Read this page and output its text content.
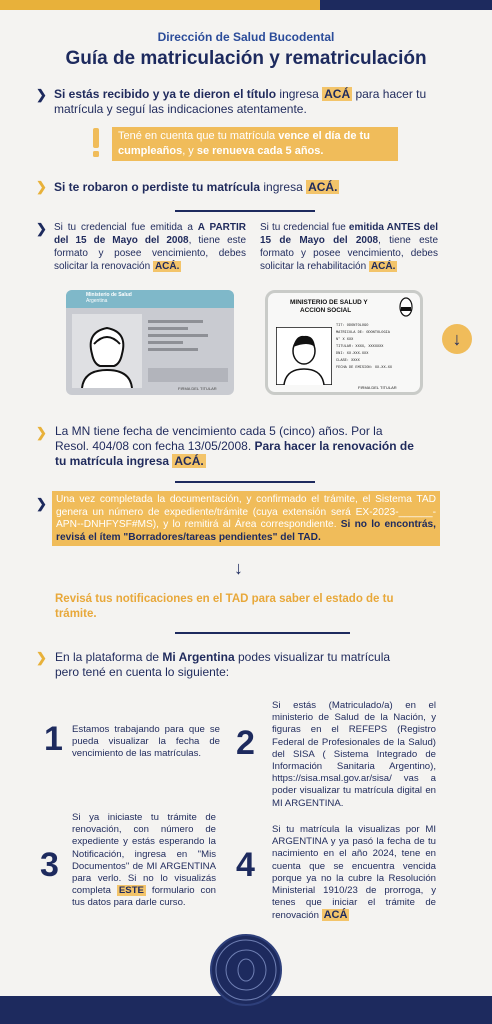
Dirección de Salud Bucodental
Guía de matriculación y rematriculación
❯ Si estás recibido y ya te dieron el título ingresa ACÁ para hacer tu
matrícula y seguí las indicaciones atentamente.
Tené en cuenta que tu matrícula vence el día de tu cumpleaños, y se renueva cada 5 años.
❯ Si te robaron o perdiste tu matrícula ingresa ACÁ.
❯ Si tu credencial fue emitida a A PARTIR del 15 de Mayo del 2008, tiene este formato y posee vencimiento, debes solicitar la renovación ACÁ.
Si tu credencial fue emitida ANTES del 15 de Mayo del 2008, tiene este formato y posee vencimiento, debes solicitar la rehabilitación ACÁ.
Ministerio de Salud
Argentina
FIRMA DEL TITULAR
MINISTERIO DE SALUD Y
ACCION SOCIAL
TIT: ODONTOLOGO
MATRICULA DE: ODONTOLOGIA
N° X XXX
TITULAR: XXXX, XXXXXXX
DNI: XX.XXX.XXX
CLASE: XXXX
FECHA DE EMISION: XX-XX-XX
FIRMA DEL TITULAR
↓
❯ La MN tiene fecha de vencimiento cada 5 (cinco) años. Por la
Resol. 404/08 con fecha 13/05/2008. Para hacer la renovación de
tu matrícula ingresa ACÁ.
❯ Una vez completada la documentación, y confirmado el trámite, el Sistema TAD genera un número de expediente/trámite (cuya extensión será EX-2023-______-APN--DNHFYSF#MS), y lo remitirá al Área correspondiente. Si no lo encontrás, revisá el ítem "Borradores/tareas pendientes" del TAD.
↓
Revisá tus notificaciones en el TAD para saber el estado de tu
trámite.
❯ En la plataforma de Mi Argentina podes visualizar tu matrícula
pero tené en cuenta lo siguiente:
1 Estamos trabajando para que se pueda visualizar la fecha de vencimiento de las matrículas.	2
Si estás (Matriculado/a) en el ministerio de Salud de la Nación, y figuras en el REFEPS (Registro Federal de Profesionales de la Salud) del SISA ( Sistema Integrado de Información Sanitaria Argentino), https://sisa.msal.gov.ar/sisa/ vas a poder visualizar tu matrícula digital en MI ARGENTINA.
3
Si ya iniciaste tu trámite de renovación, con número de expediente y estás esperando la Notificación, ingresa en "Mis Documentos" de MI ARGENTINA para verlo. Si no lo visualizás completa ESTE formulario con tus datos para darle curso.
4
Si tu matrícula la visualizas por MI ARGENTINA y ya pasó la fecha de tu nacimiento en el año 2024, tene en cuenta que se encuentra vencida porque ya no la cubre la Resolución Ministerial 1910/23 de prorroga, y tenes que iniciar el trámite de renovación ACÁ
